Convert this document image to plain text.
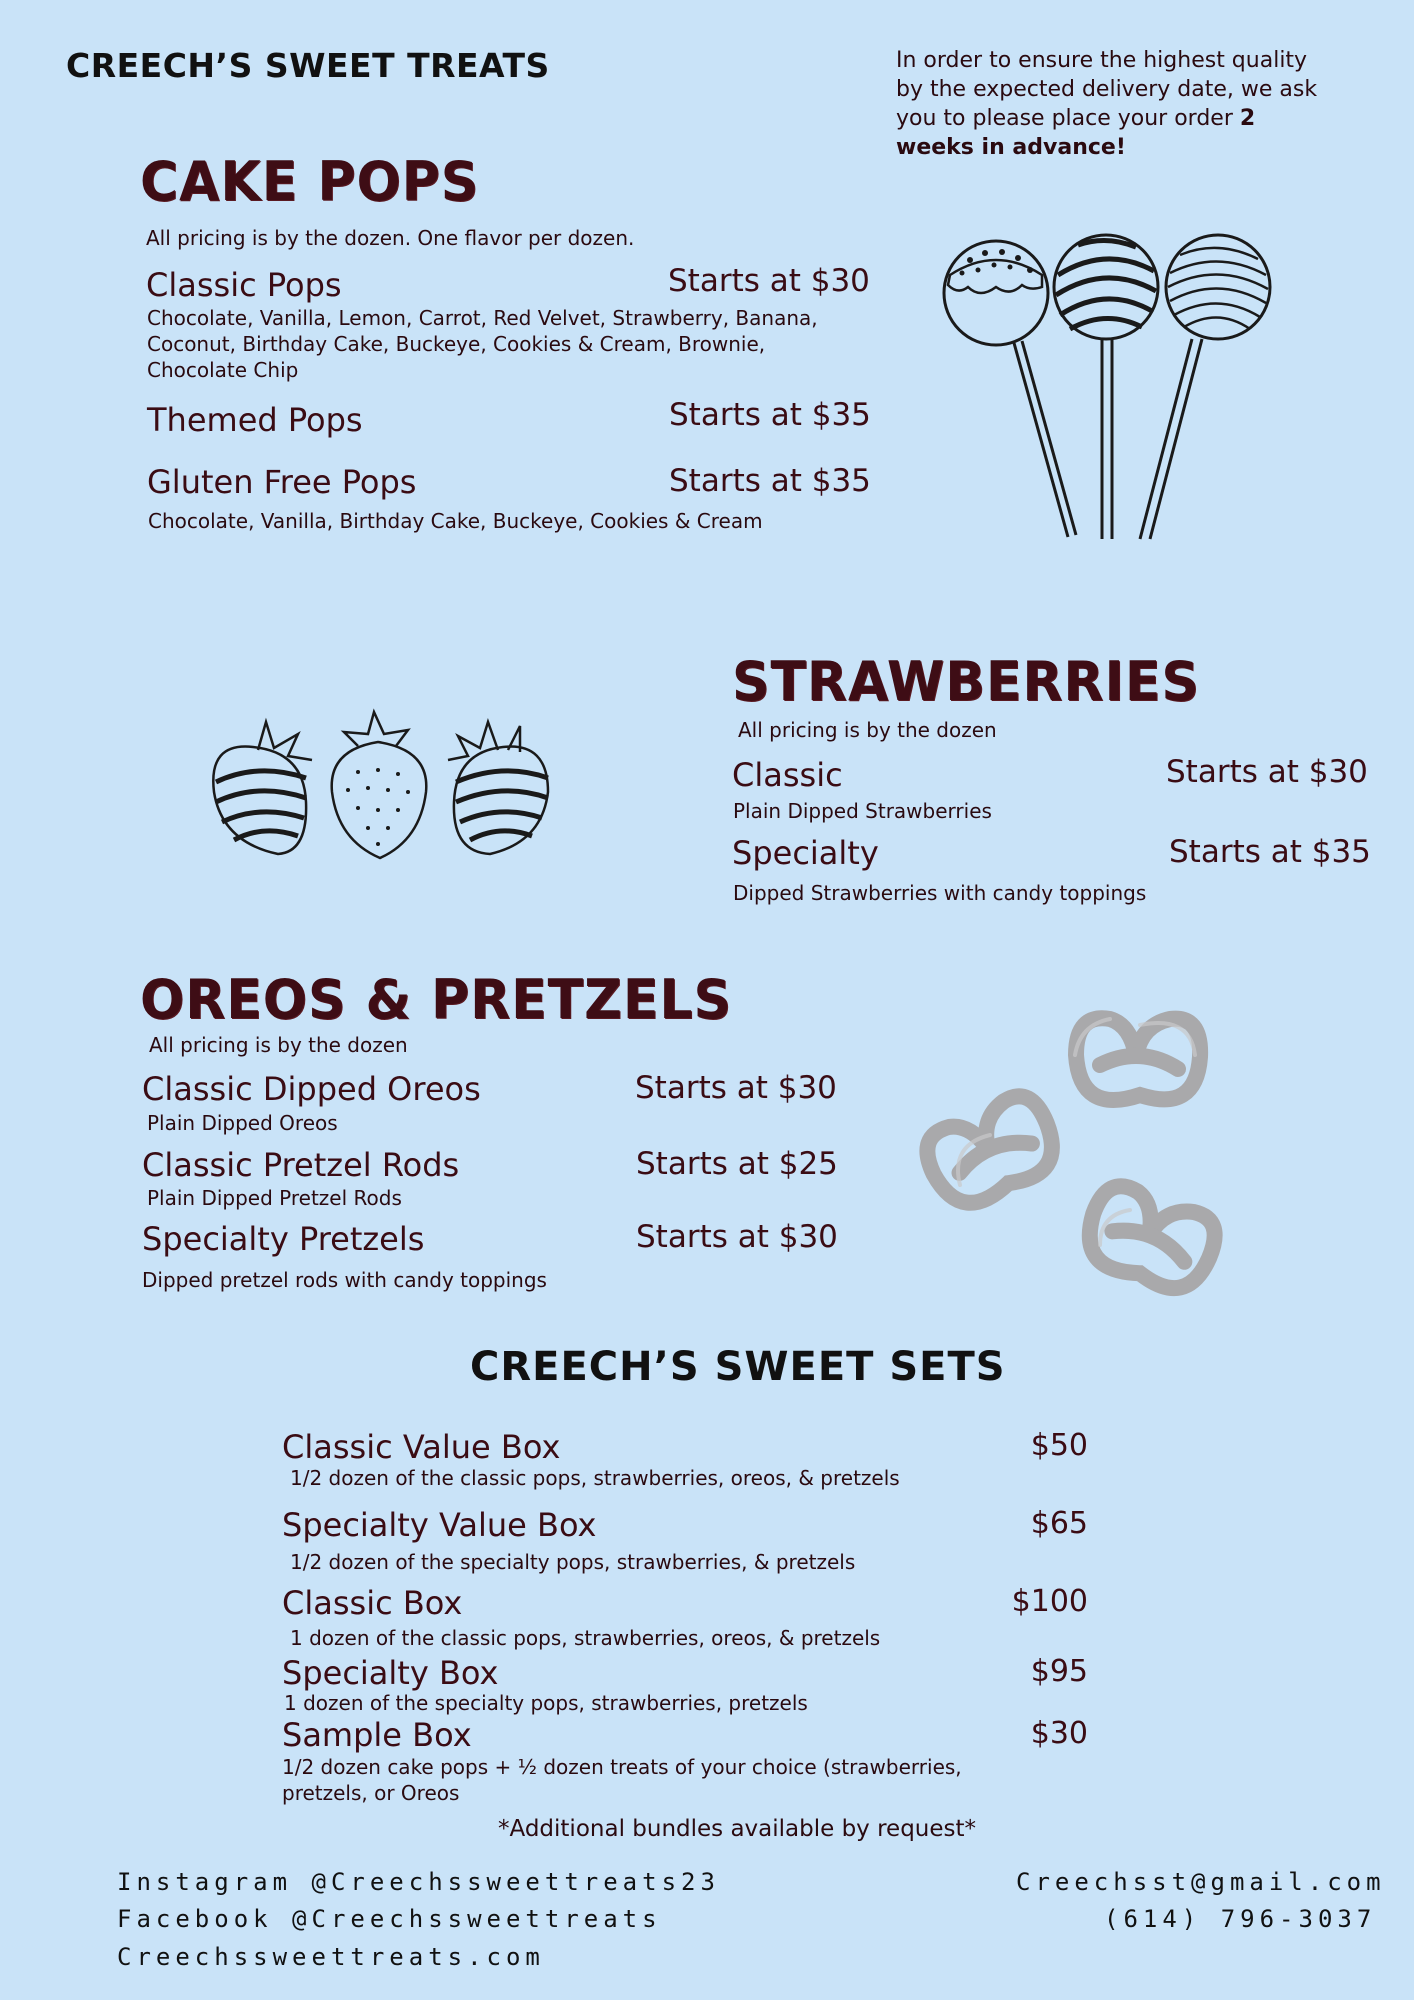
CREECH’S SWEET TREATS	In order to ensure the highest quality by the expected delivery date, we ask you to please place your order 2 weeks in advance!
CAKE POPS
All pricing is by the dozen. One flavor per dozen.
Classic Pops	Starts at $30
Chocolate, Vanilla, Lemon, Carrot, Red Velvet, Strawberry, Banana, Coconut, Birthday Cake, Buckeye, Cookies & Cream, Brownie, Chocolate Chip
Themed Pops	Starts at $35
Gluten Free Pops	Starts at $35
Chocolate, Vanilla, Birthday Cake, Buckeye, Cookies & Cream
STRAWBERRIES
All pricing is by the dozen
Classic	Starts at $30
Plain Dipped Strawberries
Specialty	Starts at $35
Dipped Strawberries with candy toppings
OREOS & PRETZELS
All pricing is by the dozen
Classic Dipped Oreos	Starts at $30
Plain Dipped Oreos
Classic Pretzel Rods	Starts at $25
Plain Dipped Pretzel Rods
Specialty Pretzels	Starts at $30
Dipped pretzel rods with candy toppings
CREECH’S SWEET SETS
Classic Value Box	$50
1/2 dozen of the classic pops, strawberries, oreos, & pretzels
Specialty Value Box	$65
1/2 dozen of the specialty pops, strawberries, & pretzels
Classic Box	$100
1 dozen of the classic pops, strawberries, oreos, & pretzels
Specialty Box	$95
1 dozen of the specialty pops, strawberries, pretzels
Sample Box	$30
1/2 dozen cake pops + ½ dozen treats of your choice (strawberries, pretzels, or Oreos
*Additional bundles available by request*
Instagram @Creechssweettreats23
Facebook @Creechssweettreats
Creechssweettreats.com
Creechsst@gmail.com
(614) 796-3037
